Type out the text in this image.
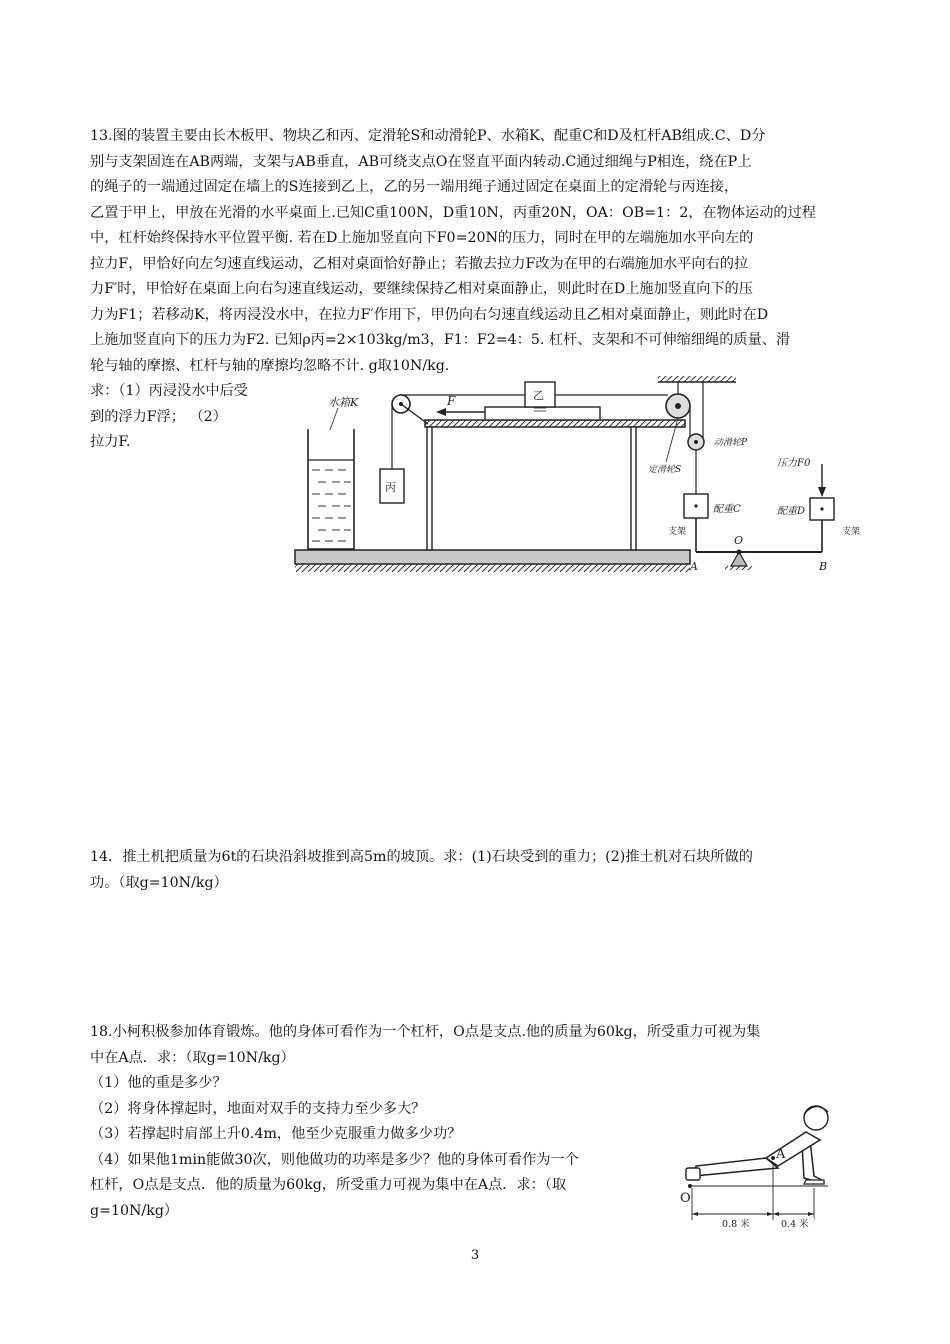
13.图的装置主要由长木板甲、物块乙和丙、定滑轮S和动滑轮P、水箱K、配重C和D及杠杆AB组成.C、D分
别与支架固连在AB两端，支架与AB垂直，AB可绕支点O在竖直平面内转动.C通过细绳与P相连，绕在P上
的绳子的一端通过固定在墙上的S连接到乙上，乙的另一端用绳子通过固定在桌面上的定滑轮与丙连接，
乙置于甲上，甲放在光滑的水平桌面上.已知C重100N，D重10N，丙重20N，OA：OB=1：2，在物体运动的过程
中，杠杆始终保持水平位置平衡. 若在D上施加竖直向下F0=20N的压力，同时在甲的左端施加水平向左的
拉力F，甲恰好向左匀速直线运动，乙相对桌面恰好静止；若撤去拉力F改为在甲的右端施加水平向右的拉
力F′时，甲恰好在桌面上向右匀速直线运动，要继续保持乙相对桌面静止，则此时在D上施加竖直向下的压
力为F1；若移动K，将丙浸没水中，在拉力F′作用下，甲仍向右匀速直线运动且乙相对桌面静止，则此时在D
上施加竖直向下的压力为F2. 已知ρ丙=2×103kg/m3，F1：F2=4：5. 杠杆、支架和不可伸缩细绳的质量、滑
轮与轴的摩擦、杠杆与轴的摩擦均忽略不计. g取10N/kg.
求：（1）丙浸没水中后受
到的浮力F浮； （2）
拉力F.
水箱K
丙
乙
F
定滑轮S
动滑轮P
配重C
O
A	B
支架
配重D
支架
压力F0
14．推土机把质量为6t的石块沿斜坡推到高5m的坡顶。求：(1)石块受到的重力；(2)推土机对石块所做的
功。（取g=10N/kg）
18.小柯积极参加体育锻炼。他的身体可看作为一个杠杆，O点是支点.他的质量为60kg，所受重力可视为集
中在A点．求：（取g=10N/kg）
（1）他的重是多少？
（2）将身体撑起时，地面对双手的支持力至少多大？
（3）若撑起时肩部上升0.4m，他至少克服重力做多少功？
（4）如果他1min能做30次，则他做功的功率是多少？他的身体可看作为一个
杠杆，O点是支点．他的质量为60kg，所受重力可视为集中在A点．求：（取
g=10N/kg）
A
O
0.8 米	0.4 米
3
